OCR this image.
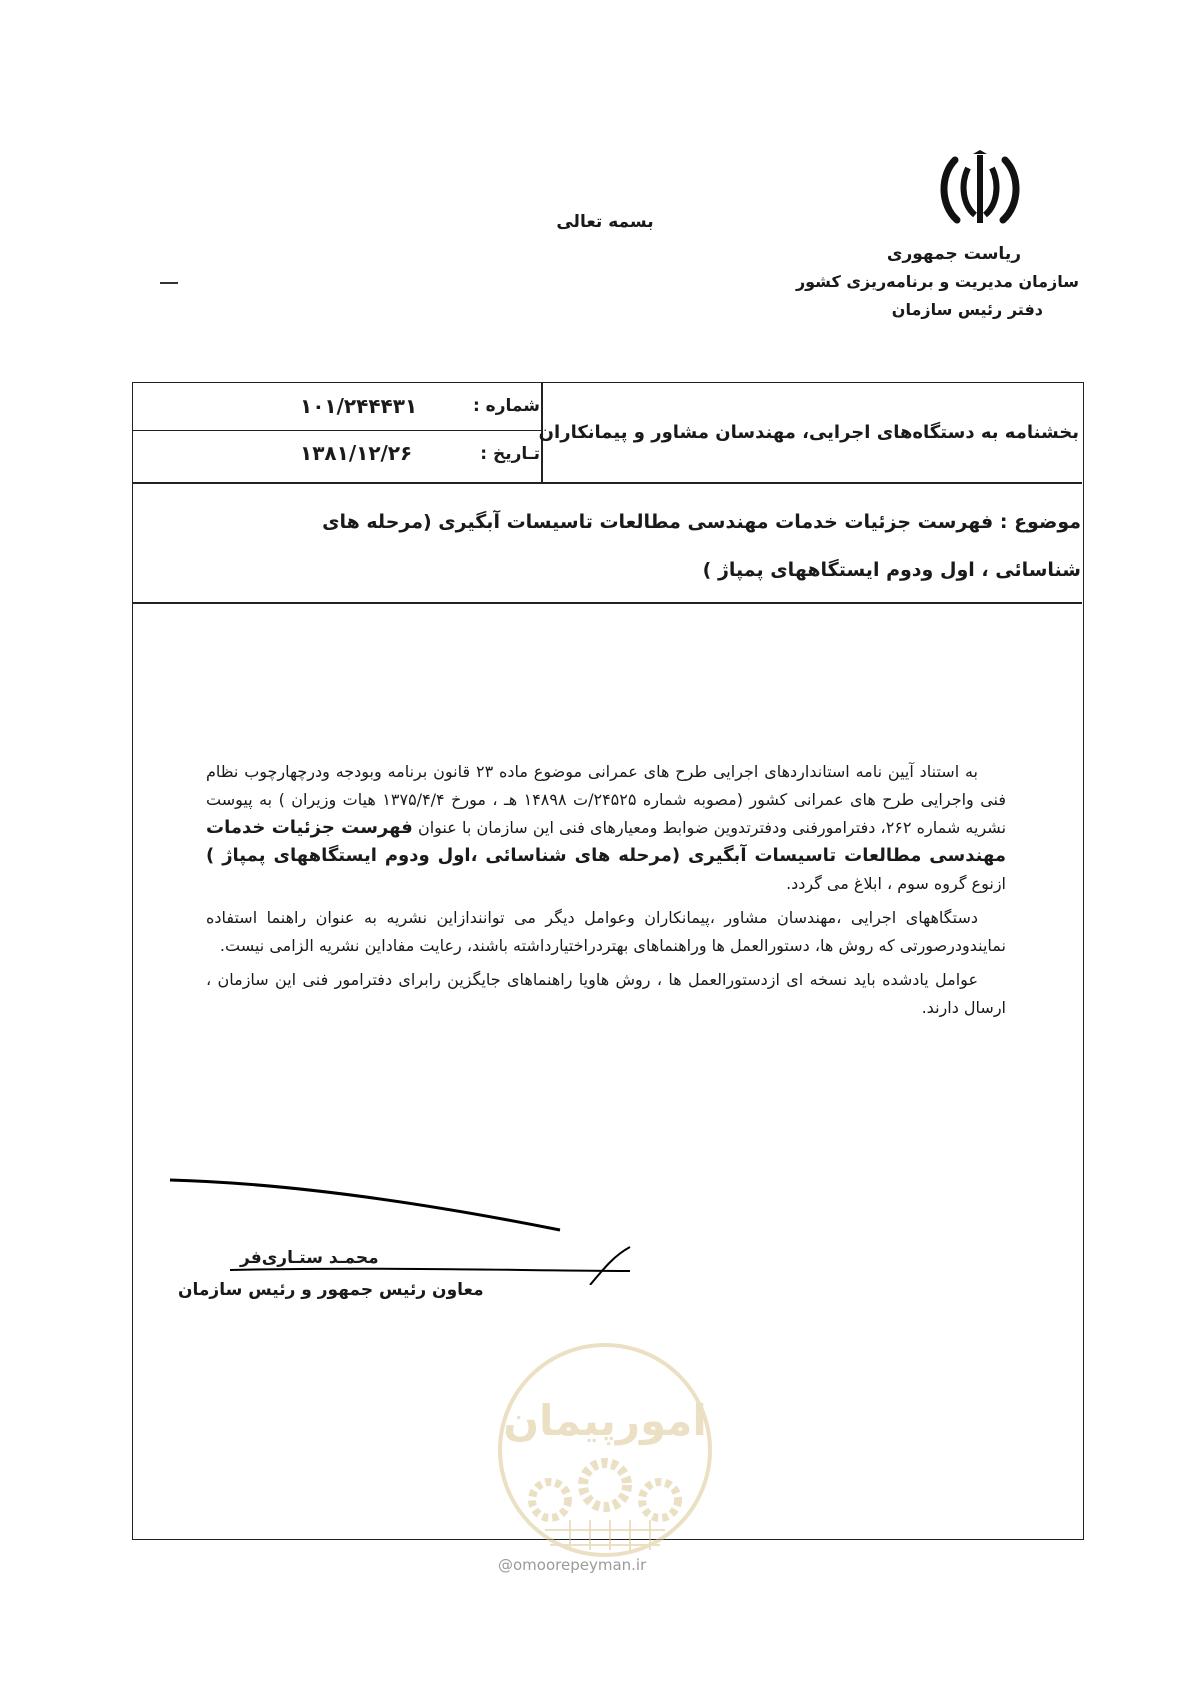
بسمه تعالی
ریاست جمهوری
سازمان مدیریت و برنامه‌ریزی کشور
دفتر رئیس سازمان
شماره :
۱۰۱/۲۴۴۴۳۱
تـاریخ :
۱۳۸۱/۱۲/۲۶
بخشنامه به دستگاه‌های اجرایی، مهندسان مشاور و پیمانکاران
موضوع : فهرست جزئیات خدمات مهندسی مطالعات تاسیسات آبگیری (مرحله های شناسائی ، اول ودوم ایستگاههای پمپاژ )

به استناد آیین نامه استانداردهای اجرایی طرح های عمرانی موضوع ماده ۲۳ قانون برنامه وبودجه ودرچهارچوب نظام فنی واجرایی طرح های عمرانی کشور (مصوبه شماره ۲۴۵۲۵/ت ۱۴۸۹۸ هـ ، مورخ ۱۳۷۵/۴/۴ هیات وزیران ) به پیوست نشریه شماره ۲۶۲، دفترامورفنی ودفترتدوین ضوابط ومعیارهای فنی این سازمان با عنوان فهرست جزئیات خدمات مهندسی مطالعات تاسیسات آبگیری (مرحله های شناسائی ،اول ودوم ایستگاههای پمپاژ ) ازنوع گروه سوم ، ابلاغ می گردد.

دستگاههای اجرایی ،مهندسان مشاور ،پیمانکاران وعوامل دیگر می توانندازاین نشریه به عنوان راهنما استفاده نمایندودرصورتی که روش ها، دستورالعمل ها وراهنماهای بهتردراختیارداشته باشند، رعایت مفاداین نشریه الزامی نیست.

عوامل یادشده باید نسخه ای ازدستورالعمل ها ، روش هاویا راهنماهای جایگزین رابرای دفترامور فنی این سازمان ، ارسال دارند.

محمـد ستـاری‌فر
معاون رئیس جمهور و رئیس سازمان
امورپیمان
@omoorepeyman.ir
